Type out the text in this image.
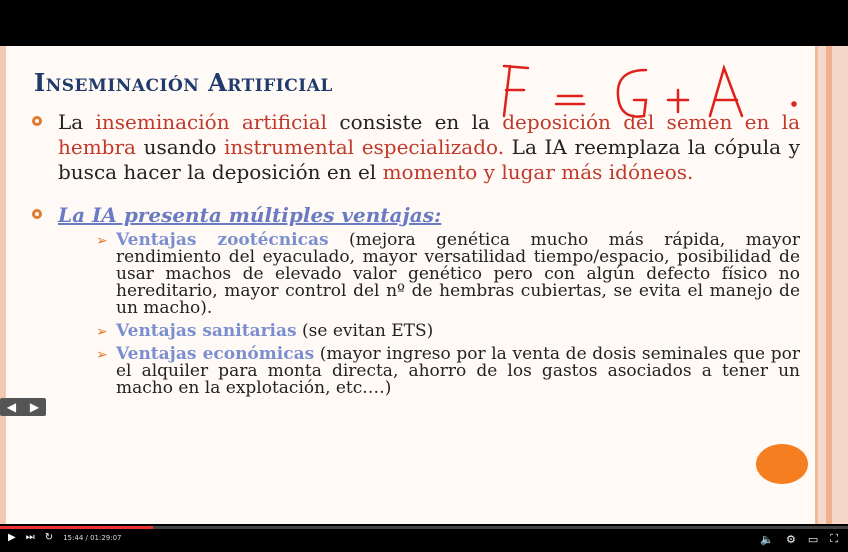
Inseminación Artificial
La inseminación artificial consiste en la deposición del semen en la hembra usando instrumental especializado. La IA reemplaza la cópula y busca hacer la deposición en el momento y lugar más idóneos.
La IA presenta múltiples ventajas:
➢ Ventajas zootécnicas (mejora genética mucho más rápida, mayor rendimiento del eyaculado, mayor versatilidad tiempo/espacio, posibilidad de usar machos de elevado valor genético pero con algún defecto físico no hereditario, mayor control del nº de hembras cubiertas, se evita el manejo de un macho).
➢ Ventajas sanitarias (se evitan ETS)
➢ Ventajas económicas (mayor ingreso por la venta de dosis seminales que por el alquiler para monta directa, ahorro de los gastos asociados a tener un macho en la explotación, etc.…)
◀ ▶
▶ ⏭ ↻ 15:44 / 01:29:07	🔈 ⚙ ▭ ⛶
